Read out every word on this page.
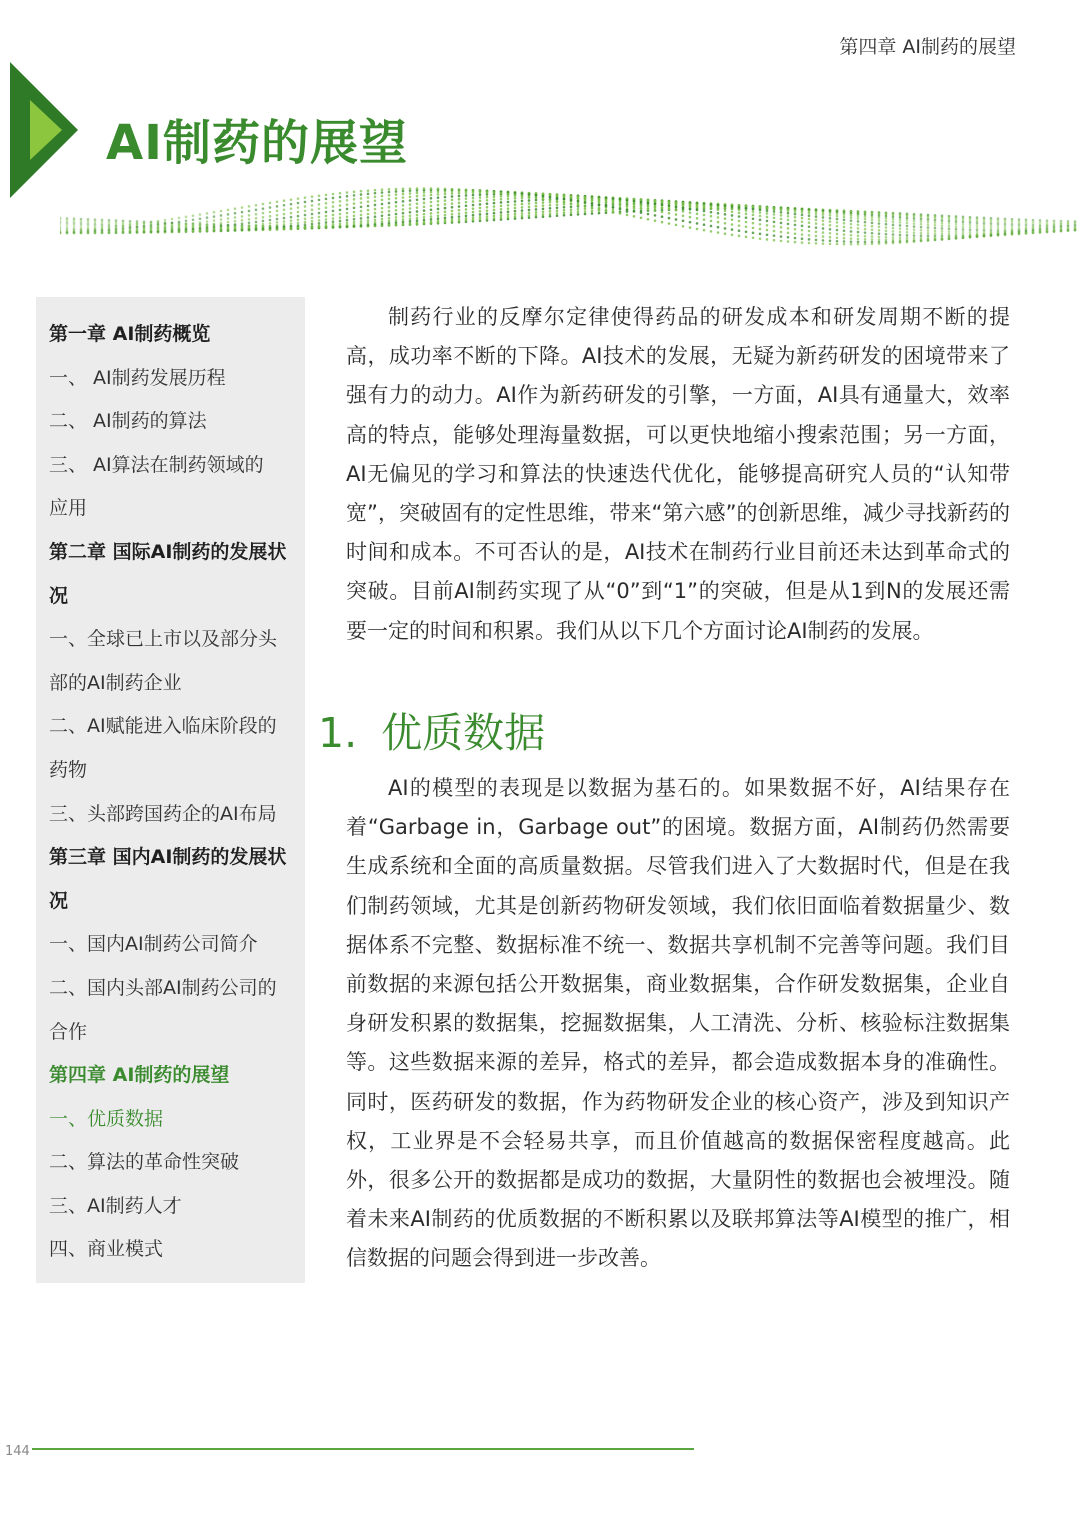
第四章 AI制药的展望
AI制药的展望
第一章 AI制药概览
一、 AI制药发展历程
二、 AI制药的算法
三、 AI算法在制药领域的
应用
第二章 国际AI制药的发展状
况
一、全球已上市以及部分头
部的AI制药企业
二、AI赋能进入临床阶段的
药物
三、头部跨国药企的AI布局
第三章 国内AI制药的发展状
况
一、国内AI制药公司简介
二、国内头部AI制药公司的
合作
第四章 AI制药的展望
一、优质数据
二、算法的革命性突破
三、AI制药人才
四、商业模式

制药行业的反摩尔定律使得药品的研发成本和研发周期不断的提高，成功率不断的下降。AI技术的发展，无疑为新药研发的困境带来了强有力的动力。AI作为新药研发的引擎，一方面，AI具有通量大，效率高的特点，能够处理海量数据，可以更快地缩小搜索范围；另一方面，AI无偏见的学习和算法的快速迭代优化，能够提高研究人员的“认知带宽”，突破固有的定性思维，带来“第六感”的创新思维，减少寻找新药的时间和成本。不可否认的是，AI技术在制药行业目前还未达到革命式的突破。目前AI制药实现了从“0”到“1”的突破，但是从1到N的发展还需要一定的时间和积累。我们从以下几个方面讨论AI制药的发展。

1. 优质数据

AI的模型的表现是以数据为基石的。如果数据不好，AI结果存在着“Garbage in，Garbage out”的困境。数据方面，AI制药仍然需要生成系统和全面的高质量数据。尽管我们进入了大数据时代，但是在我们制药领域，尤其是创新药物研发领域，我们依旧面临着数据量少、数据体系不完整、数据标准不统一、数据共享机制不完善等问题。我们目前数据的来源包括公开数据集，商业数据集，合作研发数据集，企业自身研发积累的数据集，挖掘数据集，人工清洗、分析、核验标注数据集等。这些数据来源的差异，格式的差异，都会造成数据本身的准确性。同时，医药研发的数据，作为药物研发企业的核心资产，涉及到知识产权，工业界是不会轻易共享，而且价值越高的数据保密程度越高。此外，很多公开的数据都是成功的数据，大量阴性的数据也会被埋没。随着未来AI制药的优质数据的不断积累以及联邦算法等AI模型的推广，相信数据的问题会得到进一步改善。

144
